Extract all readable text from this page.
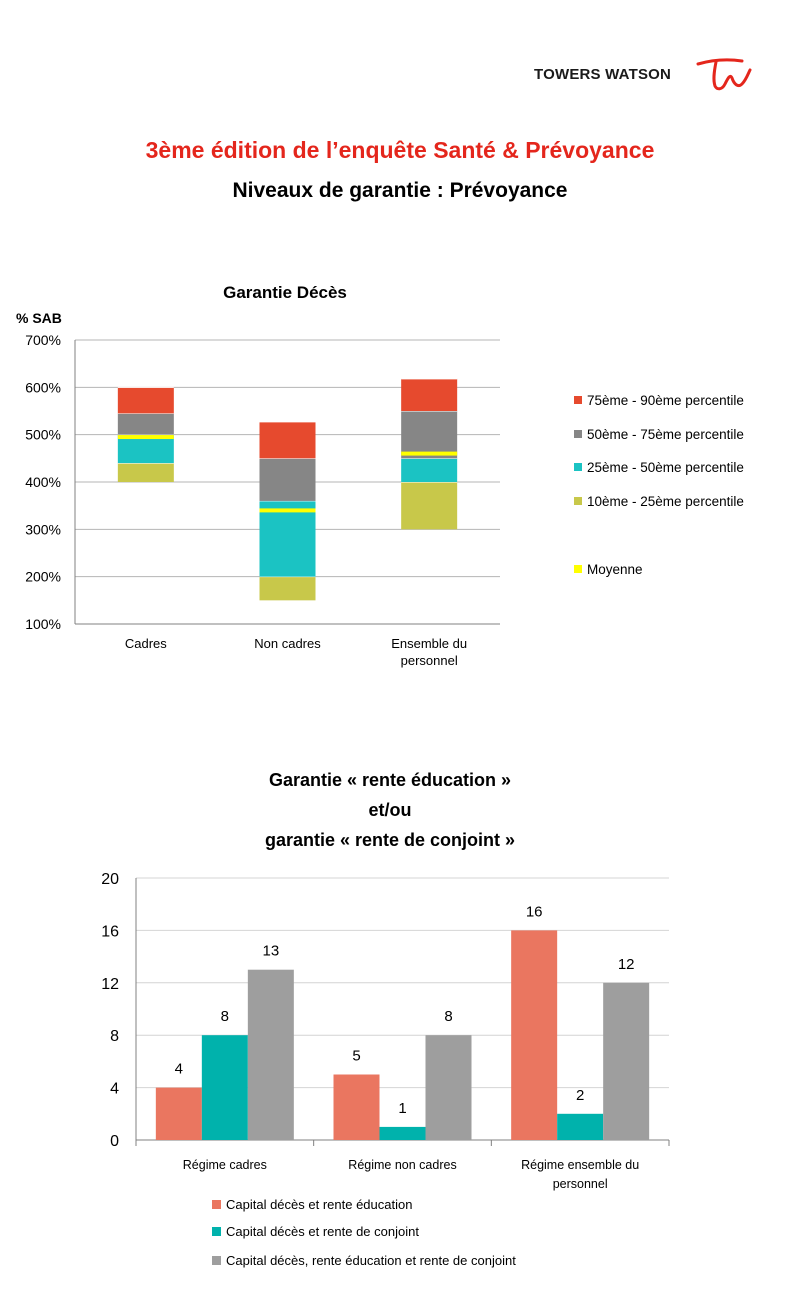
TOWERS WATSON
3ème édition de l’enquête Santé & Prévoyance
Niveaux de garantie : Prévoyance
Garantie Décès
% SAB
100%
200%
300%
400%
500%
600%
700%
Cadres	Non cadres	Ensemble du
personnel
75ème - 90ème percentile
50ème - 75ème percentile
25ème - 50ème percentile
10ème - 25ème percentile
Moyenne
Garantie « rente éducation »
et/ou
garantie « rente de conjoint »
0
4
8
12
16
20
4
8
13
Régime cadres
5
1
8
Régime non cadres
16
2
12
Régime ensemble du
personnel
Capital décès et rente éducation
Capital décès et rente de conjoint
Capital décès, rente éducation et rente de conjoint
